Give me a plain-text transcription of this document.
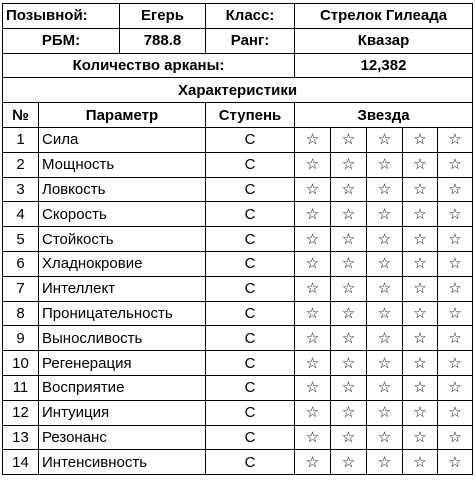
Позывной:		Егерь	Класс:	Стрелок Гилеада				
РБМ:		788.8	Ранг:	Квазар				
Количество арканы:				12,382				
Характеристики								
№	Параметр		Ступень	Звезда				
1	Сила		С	☆	☆	☆	☆	☆
2	Мощность		С	☆	☆	☆	☆	☆
3	Ловкость		С	☆	☆	☆	☆	☆
4	Скорость		С	☆	☆	☆	☆	☆
5	Стойкость		С	☆	☆	☆	☆	☆
6	Хладнокровие		С	☆	☆	☆	☆	☆
7	Интеллект		С	☆	☆	☆	☆	☆
8	Проницательность		С	☆	☆	☆	☆	☆
9	Выносливость		С	☆	☆	☆	☆	☆
10	Регенерация		С	☆	☆	☆	☆	☆
11	Восприятие		С	☆	☆	☆	☆	☆
12	Интуиция		С	☆	☆	☆	☆	☆
13	Резонанс		С	☆	☆	☆	☆	☆
14	Интенсивность		С	☆	☆	☆	☆	☆
